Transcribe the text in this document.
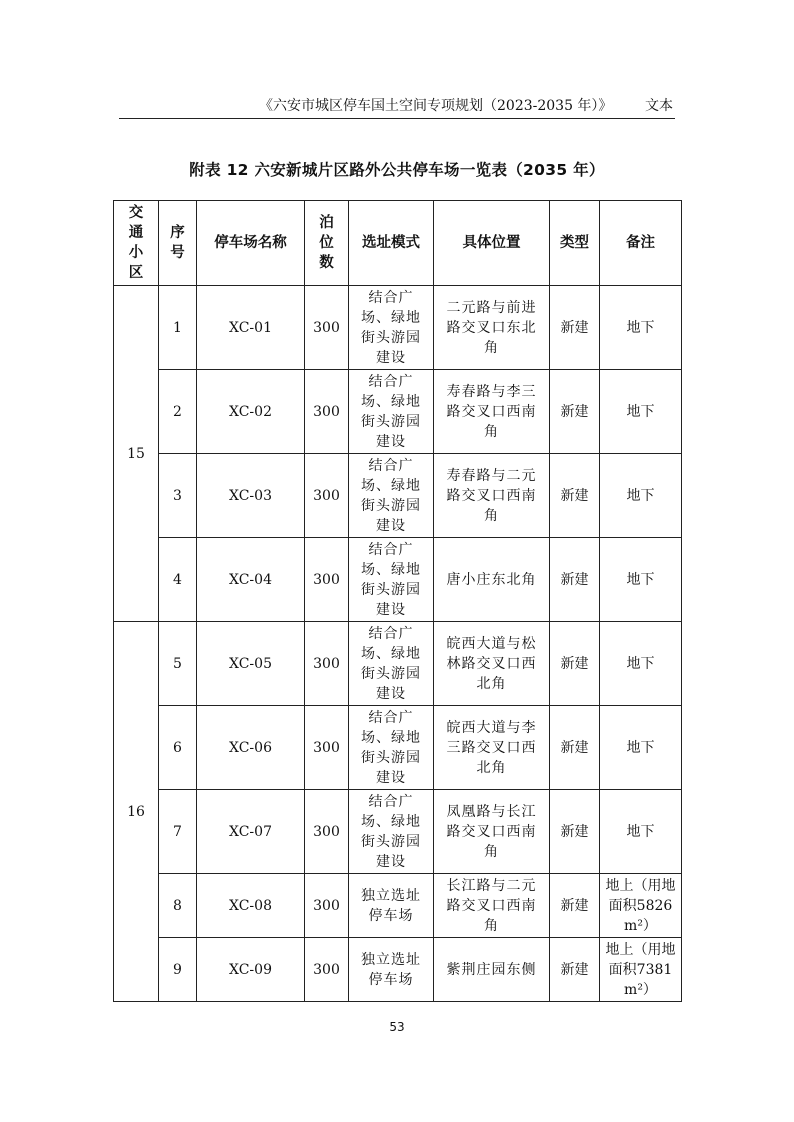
《六安市城区停车国土空间专项规划（2023-2035 年）》 文本
附表 12 六安新城片区路外公共停车场一览表（2035 年）
交通小区	序号	停车场名称	泊位数	选址模式	具体位置	类型	备注
15	1	XC-01	300	结合广场、绿地街头游园建设	二元路与前进路交叉口东北角	新建	地下

	2	XC-02	300	结合广场、绿地街头游园建设	寿春路与李三路交叉口西南角	新建	地下

	3	XC-03	300	结合广场、绿地街头游园建设	寿春路与二元路交叉口西南角	新建	地下

	4	XC-04	300	结合广场、绿地街头游园建设	唐小庄东北角	新建	地下

16	5	XC-05	300	结合广场、绿地街头游园建设	皖西大道与松林路交叉口西北角	新建	地下

	6	XC-06	300	结合广场、绿地街头游园建设	皖西大道与李三路交叉口西北角	新建	地下

	7	XC-07	300	结合广场、绿地街头游园建设	凤凰路与长江路交叉口西南角	新建	地下

	8	XC-08	300	独立选址停车场	长江路与二元路交叉口西南角	新建	地上（用地面积5826m²）

	9	XC-09	300	独立选址停车场	紫荆庄园东侧	新建	地上（用地面积7381m²）
53
